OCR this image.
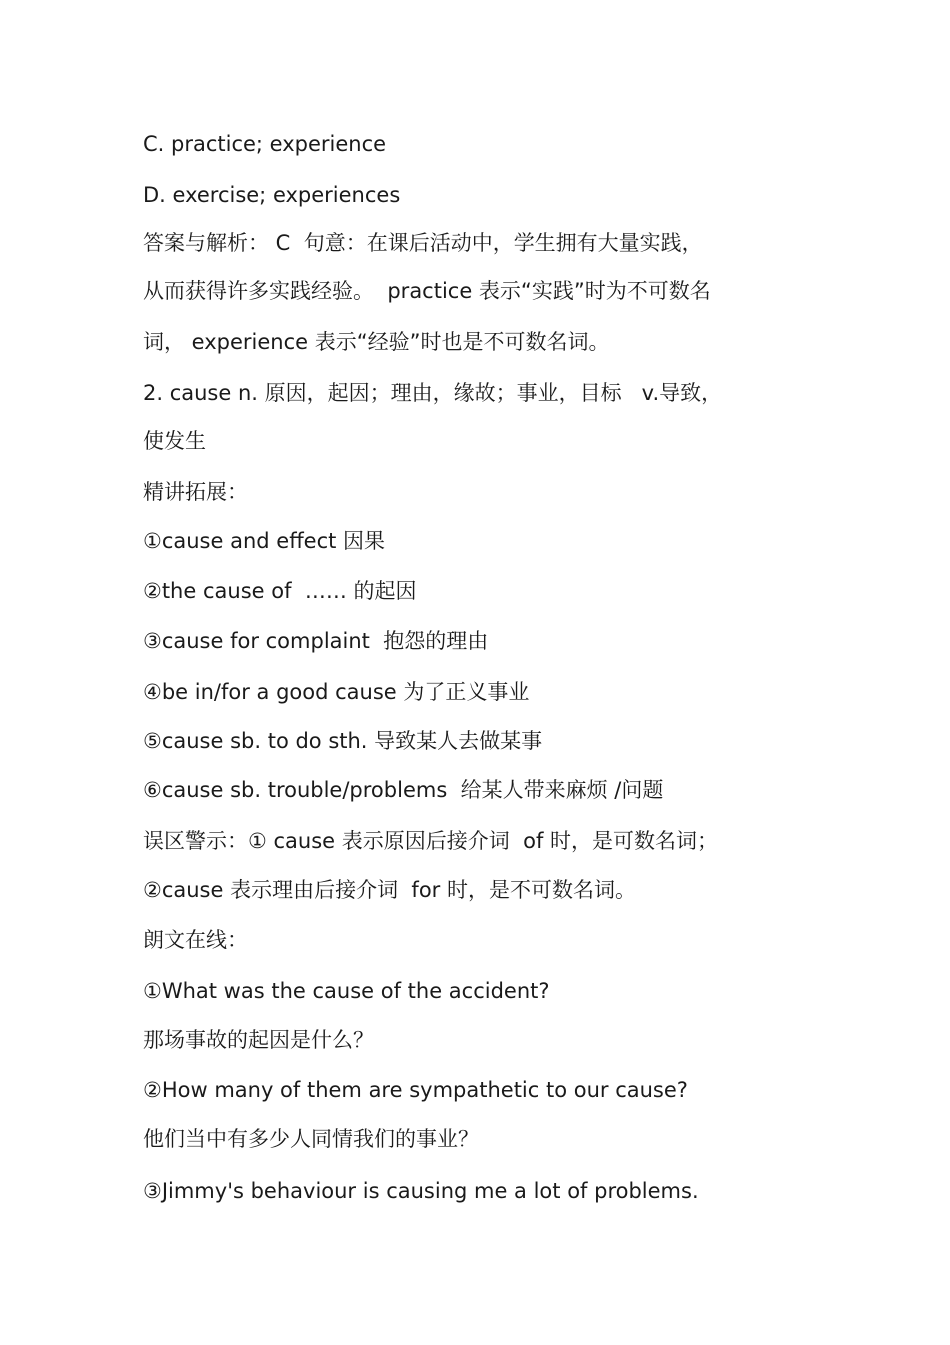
C. practice; experience
D. exercise; experiences
答案与解析： C  句意：在课后活动中，学生拥有大量实践，
从而获得许多实践经验。  practice 表示“实践”时为不可数名
词， experience 表示“经验”时也是不可数名词。
2. cause n. 原因，起因；理由，缘故；事业，目标   v.导致，
使发生
精讲拓展：
①cause and effect 因果
②the cause of  …… 的起因
③cause for complaint  抱怨的理由
④be in/for a good cause 为了正义事业
⑤cause sb. to do sth. 导致某人去做某事
⑥cause sb. trouble/problems  给某人带来麻烦 /问题
误区警示：① cause 表示原因后接介词  of 时，是可数名词；
②cause 表示理由后接介词  for 时，是不可数名词。
朗文在线：
①What was the cause of the accident?
那场事故的起因是什么？
②How many of them are sympathetic to our cause?
他们当中有多少人同情我们的事业？
③Jimmy's behaviour is causing me a lot of problems.
